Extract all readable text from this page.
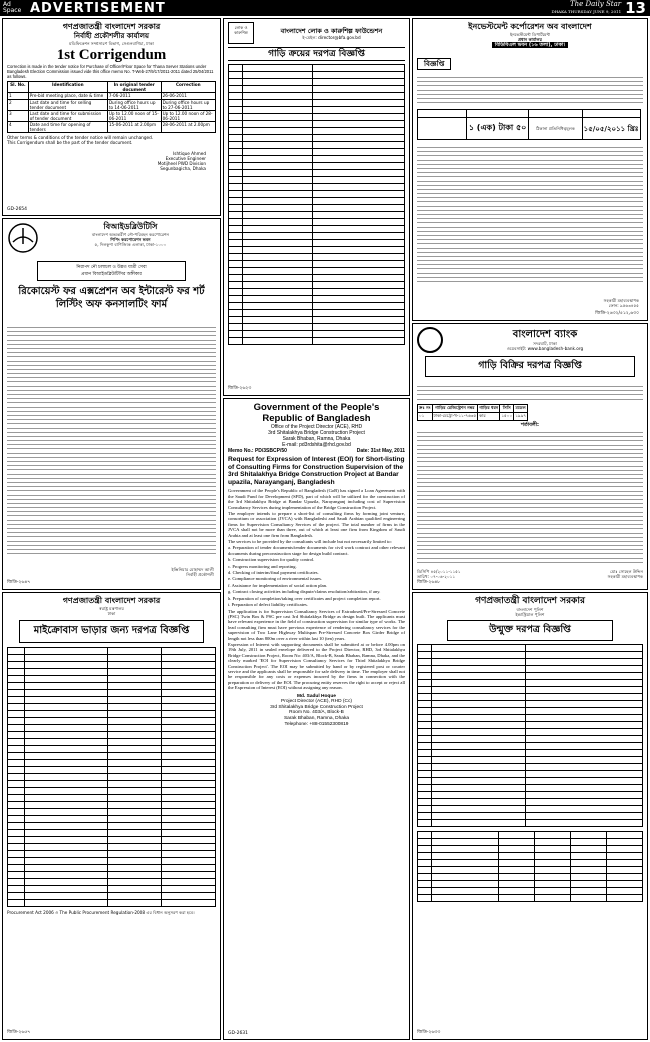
Ad Space ADVERTISEMENT	The Daily Star
DHAKA THURSDAY JUNE 9, 2011 13
গণপ্রজাতন্ত্রী বাংলাদেশ সরকার
নির্বাহী প্রকৌশলীর কার্যালয়
মডিফিকেশন সম্প্রসারণ বিভাগ, সেগুনবাগিচা, ঢাকা
1st Corrigendum
Correction is made in the tender notice for Purchase of Officer/Floor Space for Thana Server Stations under Bangladesh Election Commission issued vide this office memo No. T-Web-27/9/17/2011-2011 dated 25/04/2011 as follows.
Sl. No.	Identification	In original tender document	Correction
1	Pre-bid meeting place, date & time	7-06-2011	26-06-2011
2	Last date and time for selling tender document	During office hours up to 14-06-2011	During office hours up to 27-06-2011
3	Last date and time for submission of tender document	Up to 12.00 noon of 15-06-2011	Up to 12.00 noon of 28-06-2011
4	Date and time for opening of tenders	15-06-2011 at 2.00pm	28-06-2011 at 2.00pm
Other terms & conditions of the tender notice will remain unchanged.
This Corrigendum shall be the part of the tender document.
Ishtique Ahmed
Executive Engineer
Motijheel PWD Division
Segunbagicha, Dhaka
GD-2654
বিআইডব্লিউটিসি
বাংলাদেশ অভ্যন্তরীণ নৌ-পরিবহন করপোরেশন
শিপিং করপোরেশন ভবন
৫, দিলকুশা বাণিজ্যিক এলাকা, ঢাকা-১০০০
নিরাপদ নৌ চলাচল ও উন্নত যাত্রী সেবা
প্রধান বিআইডব্লিউটিসির অঙ্গীকার
রিকোয়েস্ট ফর এক্সপ্রেশন অব ইন্টারেস্ট ফর শর্ট লিস্টিং অফ কনসালটিং ফার্ম
ইঞ্জিনিয়ার মোহাম্মদ আলী
নির্বাহী প্রকৌশলী
জিডি-২৬৪৭
গণপ্রজাতন্ত্রী বাংলাদেশ সরকার
স্বরাষ্ট্র মন্ত্রণালয়
ঢাকা
মাইক্রোবাস ভাড়ার জন্য দরপত্র বিজ্ঞপ্তি

Procurement Act 2006 ও The Public Procurement Regulation-2008 এর বিধান অনুসরণ করা হবে।
জিডি-২৬৫৭
লোক ও কারুশিল্প	বাংলাদেশ লোক ও কারুশিল্প ফাউন্ডেশন
ই-মেইল: director@bfa.gov.bd
গাড়ি ক্রয়ের দরপত্র বিজ্ঞপ্তি

জিডি-২৬২৩
Government of the People's
Republic of Bangladesh
Office of the Project Director (ACE), RHD
3rd Shitalakhya Bridge Construction Project
Sarak Bhaban, Ramna, Dhaka
E-mail: pd3rdshita@rhd.gov.bd
Memo No.: PD/3SBCP/50	Date: 31st May, 2011
Request for Expression of Interest (EOI) for Short-listing of Consulting Firms for Construction Supervision of the 3rd Shitalakhya Bridge Construction Project at Bandar upazila, Narayanganj, Bangladesh

Government of the People's Republic of Bangladesh (GoB) has signed a Loan Agreement with the Saudi Fund for Development (SFD), part of which will be utilized for the construction of the 3rd Shitalakhya Bridge at Bandar Upazila, Narayanganj including cost of Supervision Consultancy Services during implementation of the Bridge Construction Project.

The employer intends to prepare a short-list of consulting firms by forming joint venture, consortium or association (JVCA) with Bangladeshi and Saudi Arabian qualified engineering firms for Supervision Consultancy Services of the project. The total number of firms in the JVCA shall not be more than three, out of which at least one firm from Kingdom of Saudi Arabia and at least one firm from Bangladesh.

The services to be provided by the consultants will include but not necessarily limited to:

a. Preparation of tender documents/tender documents for civil work contract and other relevant documents during preconstruction stage for design build contract.

b. Construction supervision for quality control.

c. Progress monitoring and reporting.

d. Checking of interim/final payment certificates.

e. Compliance monitoring of environmental issues.

f. Assistance for implementation of social action plan.

g. Contract closing activities including dispute/claims resolution/arbitration, if any.

h. Preparation of completion/taking over certificates and project completion report.

i. Preparation of defect liability certificates.

The application is for Supervision Consultancy Services of Extradosed/Pre-Stressed Concrete (PSC) Twin Box & PSC pre cast 3rd Shitalakhya Bridge as design built. The applicants must have relevant experience in the field of construction supervision for similar type of works. The lead consulting firm must have previous experience of rendering consultancy services for the supervision of Two Lane Highway Multispan Pre-Stressed Concrete Box Girder Bridge of length not less than 800m over a river within last 10 (ten) years.

Expression of Interest with supporting documents shall be submitted at or before 4.00pm on 19th July, 2011 in sealed envelope delivered to the Project Director, RHD, 3rd Shitalakhya Bridge Construction Project, Room No: 403/A, Block-B, Sarak Bhaban, Ramna, Dhaka, and the clearly marked 'EOI for Supervision Consultancy Services for Third Shitalakhya Bridge Construction Project'. The EOI may be submitted by hand or by registered post or courier service and the applicants shall be responsible for safe delivery in time. The employer shall not be responsible for any costs or expenses incurred by the firms in connection with the preparation or delivery of the EOI. The procuring entity reserves the right to accept or reject all the Expression of Interest (EOI) without assigning any reason.

Md. Sadul Hoque
Project Director (ACE), RHD (Cc)
3rd Shitalakhya Bridge Construction Project
Room No. 403/A, Block-B
Sarak Bhaban, Ramna, Dhaka
Telephone: +88-01552300819
GD-2631
ইনভেস্টমেন্ট কর্পোরেশন অব বাংলাদেশ
ইনভেস্টমেন্ট ডিপার্টমেন্ট
প্রধান কার্যালয়
বিডিবিএল ভবন (১৬ তলা), ঢাকা।
বিজ্ঞপ্তি

	১ (এক) টাকা ৫০	ঠিকানা প্রতিনিধিত্বমূলক	১৫/০৫/২০১১ খ্রিঃ
সহকারী মহাব্যবস্থাপক
ফোন: ৯৫৬৩৪৫৫
জিডি-২৬৩২/৫১২,৬৩০
বাংলাদেশ ব্যাংক
সদরঘাট, ঢাকা
ওয়েবসাইট: www.bangladesh-bank.org
গাড়ি বিক্রির দরপত্র বিজ্ঞপ্তি
ক্রঃ নং	গাড়ির রেজিস্ট্রেশন নম্বর	গাড়ির ধরন	সিসি	মডেল
০১	ঢাকা-মেট্রো-খ-১১-৭৬৩৫	কার	১৫০০	১৯৯৭
শর্তাবলী:
ডিসিপি ৪৫/২০১১-১১৫১
তারিখ: ০৭-০৬-২০১১
মোঃ সোহেল উদ্দিন
সহকারী মহাব্যবস্থাপক
জিডি-২৬৪৮
গণপ্রজাতন্ত্রী বাংলাদেশ সরকার
বাংলাদেশ পুলিশ
ইন্ডাস্ট্রিয়াল পুলিশ
উন্মুক্ত দরপত্র বিজ্ঞপ্তি

জিডি-২৬৩৩
